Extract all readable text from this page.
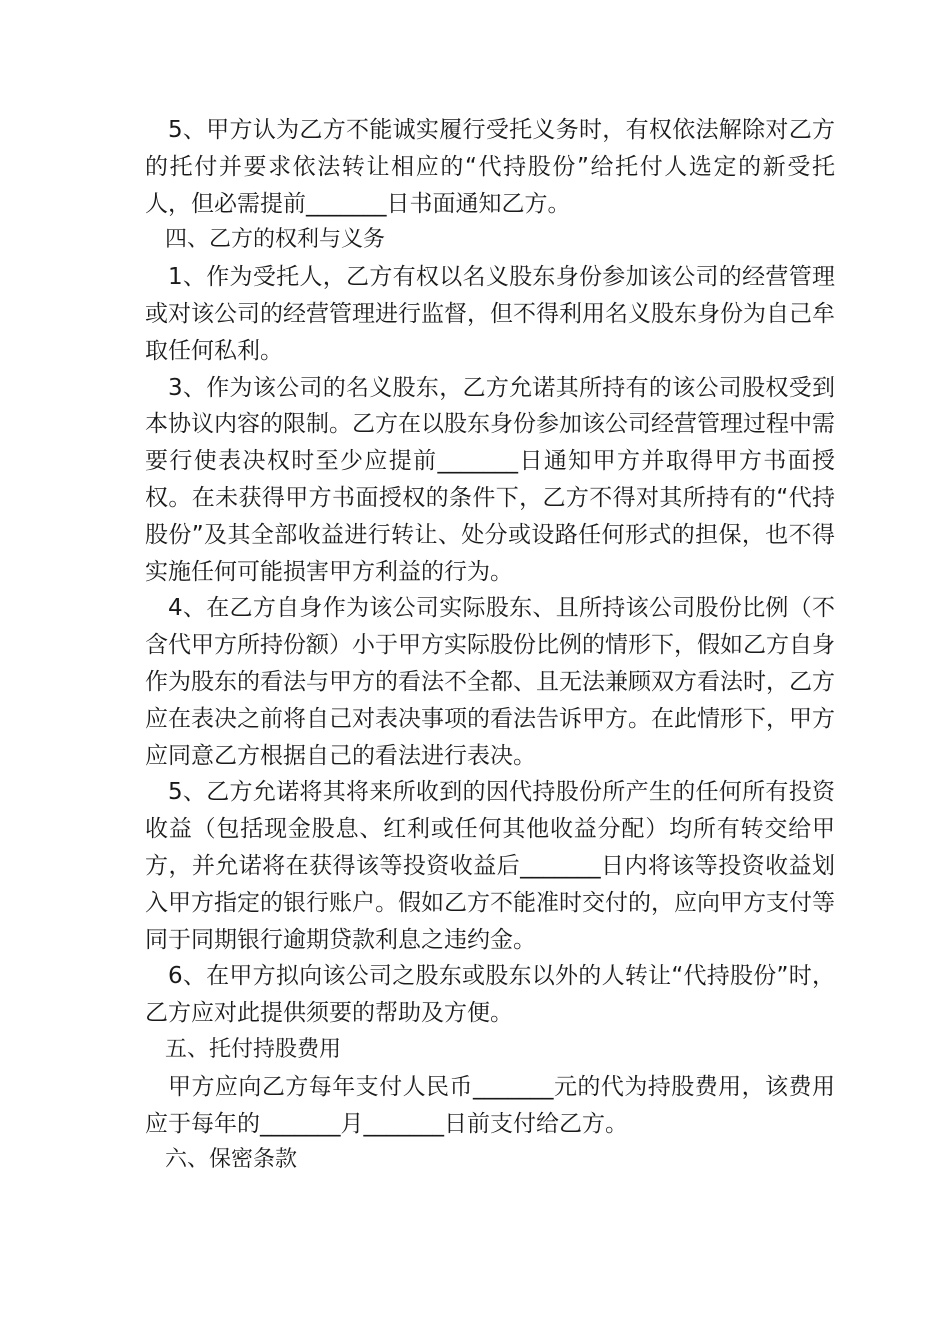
5、甲方认为乙方不能诚实履行受托义务时，有权依法解除对乙方的托付并要求依法转让相应的“代持股份”给托付人选定的新受托人，但必需提前_______日书面通知乙方。

四、乙方的权利与义务

1、作为受托人，乙方有权以名义股东身份参加该公司的经营管理或对该公司的经营管理进行监督，但不得利用名义股东身份为自己牟取任何私利。

3、作为该公司的名义股东，乙方允诺其所持有的该公司股权受到本协议内容的限制。乙方在以股东身份参加该公司经营管理过程中需要行使表决权时至少应提前_______日通知甲方并取得甲方书面授权。在未获得甲方书面授权的条件下，乙方不得对其所持有的“代持股份”及其全部收益进行转让、处分或设路任何形式的担保，也不得实施任何可能损害甲方利益的行为。

4、在乙方自身作为该公司实际股东、且所持该公司股份比例（不含代甲方所持份额）小于甲方实际股份比例的情形下，假如乙方自身作为股东的看法与甲方的看法不全都、且无法兼顾双方看法时，乙方应在表决之前将自己对表决事项的看法告诉甲方。在此情形下，甲方应同意乙方根据自己的看法进行表决。

5、乙方允诺将其将来所收到的因代持股份所产生的任何所有投资收益（包括现金股息、红利或任何其他收益分配）均所有转交给甲方，并允诺将在获得该等投资收益后_______日内将该等投资收益划入甲方指定的银行账户。假如乙方不能准时交付的，应向甲方支付等同于同期银行逾期贷款利息之违约金。

6、在甲方拟向该公司之股东或股东以外的人转让“代持股份”时，乙方应对此提供须要的帮助及方便。

五、托付持股费用

甲方应向乙方每年支付人民币_______元的代为持股费用，该费用应于每年的_______月_______日前支付给乙方。

六、保密条款
